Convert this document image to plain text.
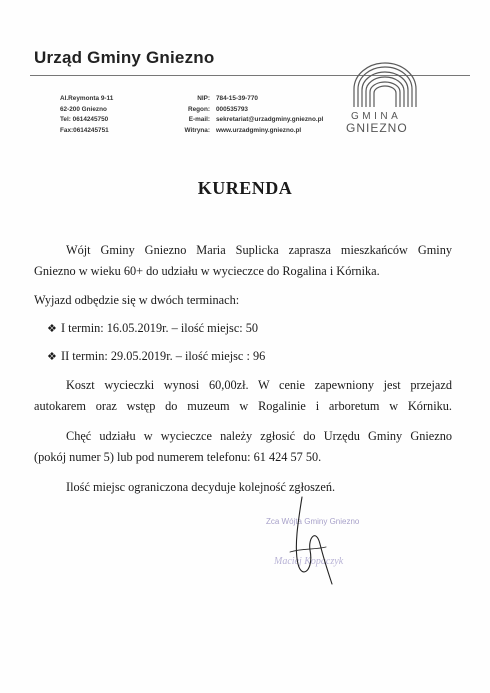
Urząd Gminy Gniezno
Al.Reymonta 9-11
62-200 Gniezno
Tel: 0614245750
Fax:0614245751
NIP:
Regon:
E-mail:
Witryna:
784-15-39-770
000535793
sekretariat@urzadgminy.gniezno.pl
www.urzadgminy.gniezno.pl
GMINA
GNIEZNO
KURENDA
Wójt Gminy Gniezno Maria Suplicka zaprasza mieszkańców Gminy
Gniezno w wieku 60+ do udziału w wycieczce do Rogalina i Kórnika.
Wyjazd odbędzie się w dwóch terminach:
❖ I termin: 16.05.2019r. – ilość miejsc: 50
❖ II termin: 29.05.2019r. – ilość miejsc : 96
Koszt wycieczki wynosi 60,00zł. W cenie zapewniony jest przejazd
autokarem oraz wstęp do muzeum w Rogalinie i arboretum w Kórniku.
Chęć udziału w wycieczce należy zgłosić do Urzędu Gminy Gniezno
(pokój numer 5) lub pod numerem telefonu: 61 424 57 50.
Ilość miejsc ograniczona decyduje kolejność zgłoszeń.
Zca Wójta Gminy Gniezno
Maciej Kopaczyk
